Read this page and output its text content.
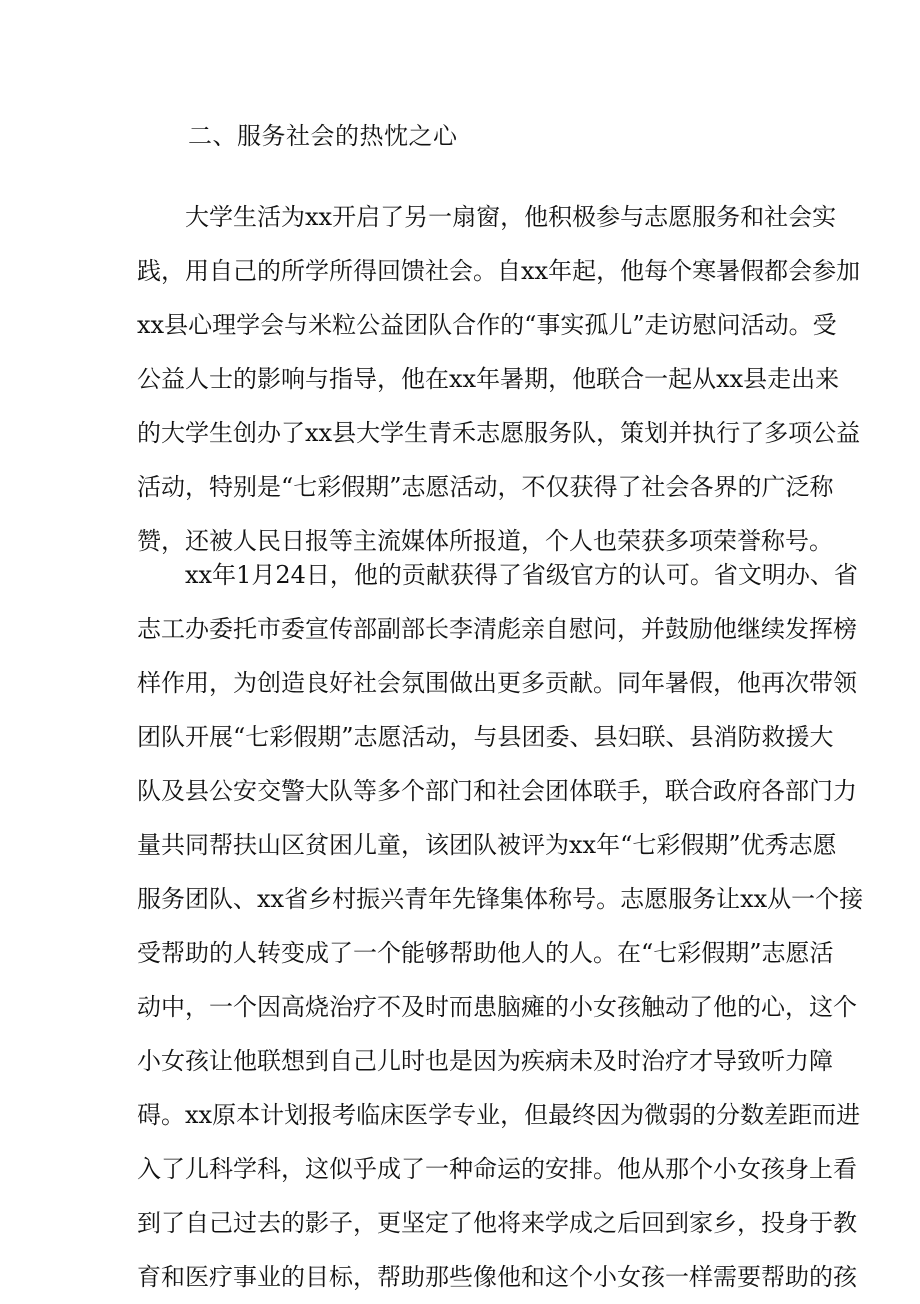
二、服务社会的热忱之心
大学生活为xx开启了另一扇窗，他积极参与志愿服务和社会实
践，用自己的所学所得回馈社会。自xx年起，他每个寒暑假都会参加
xx县心理学会与米粒公益团队合作的“事实孤儿”走访慰问活动。受
公益人士的影响与指导，他在xx年暑期，他联合一起从xx县走出来
的大学生创办了xx县大学生青禾志愿服务队，策划并执行了多项公益
活动，特别是“七彩假期”志愿活动，不仅获得了社会各界的广泛称
赞，还被人民日报等主流媒体所报道，个人也荣获多项荣誉称号。
xx年1月24日，他的贡献获得了省级官方的认可。省文明办、省
志工办委托市委宣传部副部长李清彪亲自慰问，并鼓励他继续发挥榜
样作用，为创造良好社会氛围做出更多贡献。同年暑假，他再次带领
团队开展“七彩假期”志愿活动，与县团委、县妇联、县消防救援大
队及县公安交警大队等多个部门和社会团体联手，联合政府各部门力
量共同帮扶山区贫困儿童，该团队被评为xx年“七彩假期”优秀志愿
服务团队、xx省乡村振兴青年先锋集体称号。志愿服务让xx从一个接
受帮助的人转变成了一个能够帮助他人的人。在“七彩假期”志愿活
动中，一个因高烧治疗不及时而患脑瘫的小女孩触动了他的心，这个
小女孩让他联想到自己儿时也是因为疾病未及时治疗才导致听力障
碍。xx原本计划报考临床医学专业，但最终因为微弱的分数差距而进
入了儿科学科，这似乎成了一种命运的安排。他从那个小女孩身上看
到了自己过去的影子，更坚定了他将来学成之后回到家乡，投身于教
育和医疗事业的目标，帮助那些像他和这个小女孩一样需要帮助的孩
